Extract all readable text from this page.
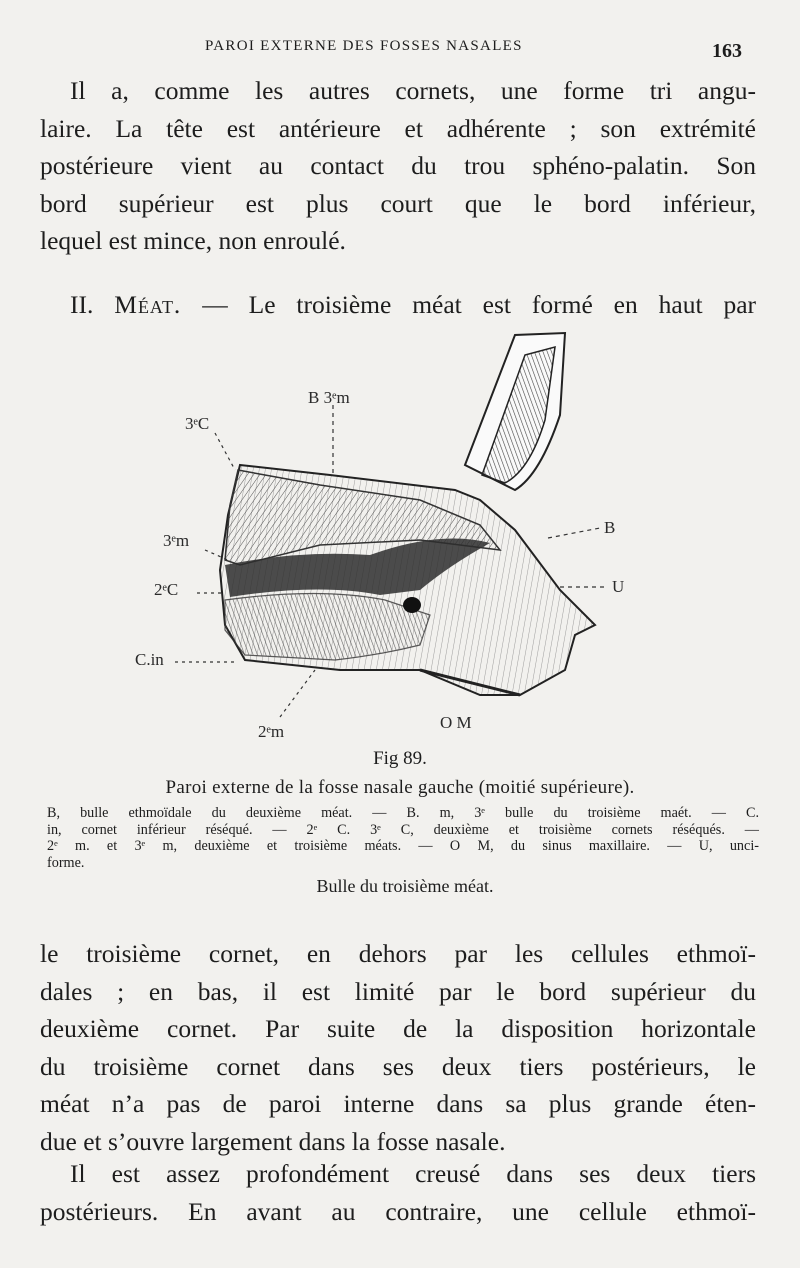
PAROI EXTERNE DES FOSSES NASALES	163

Il a, comme les autres cornets, une forme tri angu-
laire. La tête est antérieure et adhérente ; son extrémité
postérieure vient au contact du trou sphéno-palatin. Son
bord supérieur est plus court que le bord inférieur,
lequel est mince, non enroulé.

II. Méat. — Le troisième méat est formé en haut par

B 3ᵉm
3ᵉC
3ᵉm
2ᵉC
C.in
2ᵉm	O M
B
U
Fig 89.
Paroi externe de la fosse nasale gauche (moitié supérieure).

B, bulle ethmoïdale du deuxième méat. — B. m, 3ᵉ bulle du troisième maét. — C.
in, cornet inférieur réséqué. — 2ᵉ C. 3ᵉ C, deuxième et troisième cornets réséqués. —
2ᵉ m. et 3ᵉ m, deuxième et troisième méats. — O M, du sinus maxillaire. — U, unci-
forme.

Bulle du troisième méat.

le troisième cornet, en dehors par les cellules ethmoï-
dales ; en bas, il est limité par le bord supérieur du
deuxième cornet. Par suite de la disposition horizontale
du troisième cornet dans ses deux tiers postérieurs, le
méat n’a pas de paroi interne dans sa plus grande éten-
due et s’ouvre largement dans la fosse nasale.

Il est assez profondément creusé dans ses deux tiers
postérieurs. En avant au contraire, une cellule ethmoï-
